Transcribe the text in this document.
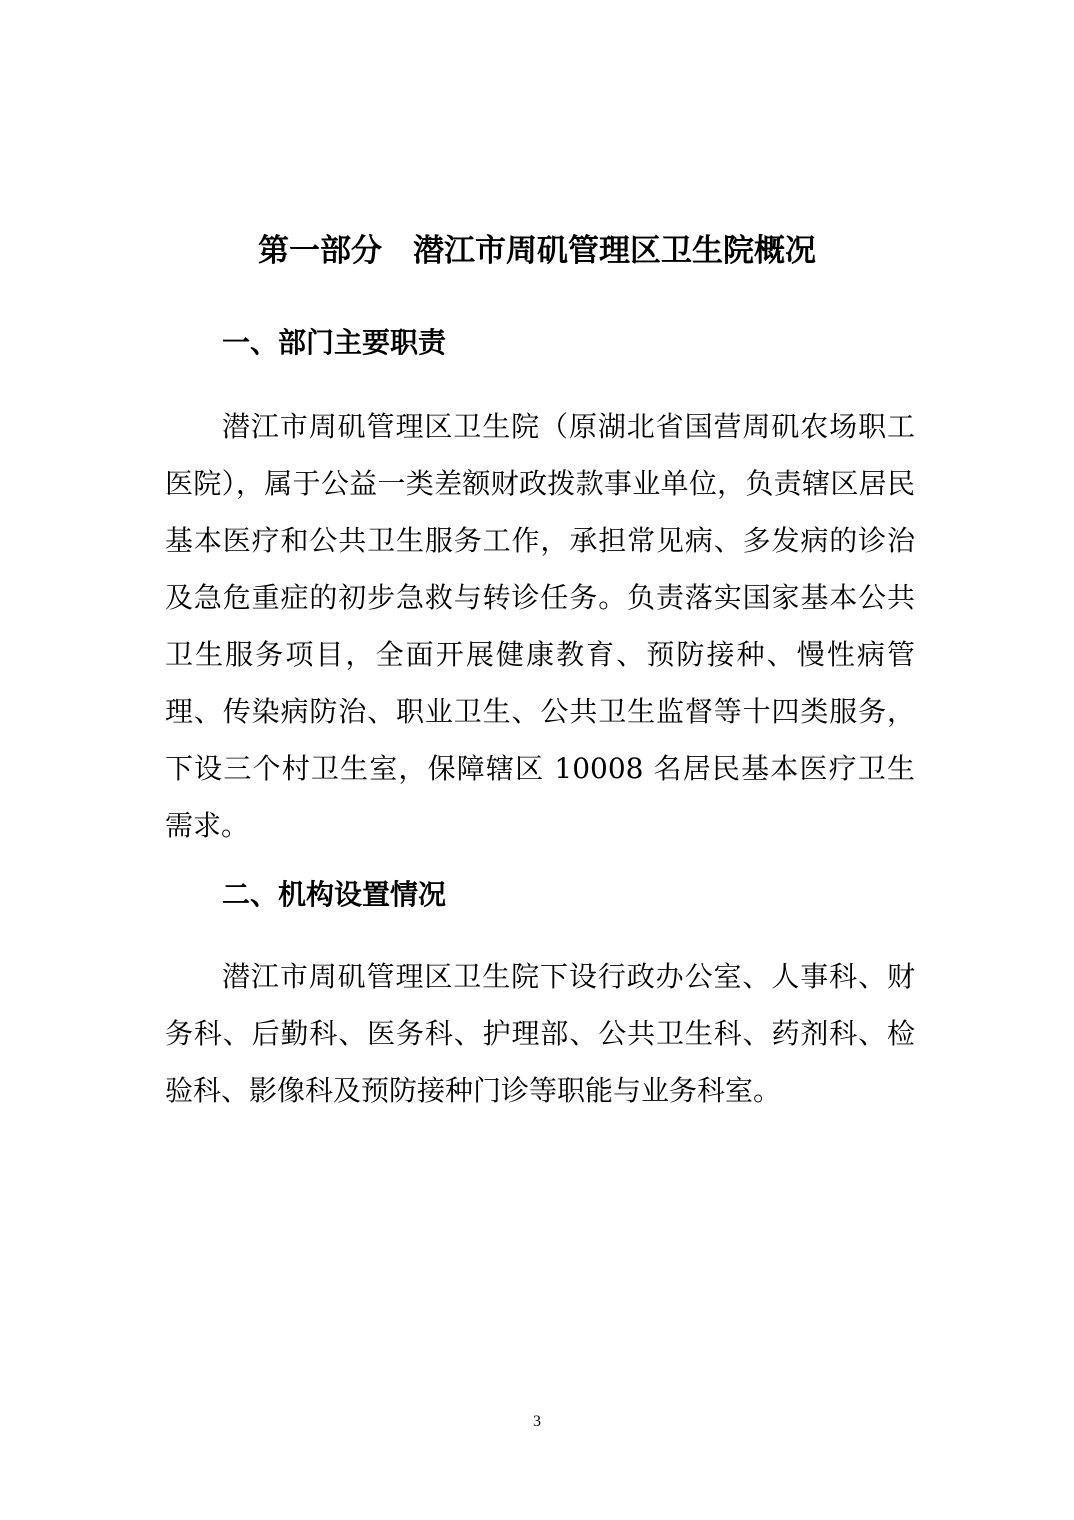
第一部分　潜江市周矶管理区卫生院概况
一、部门主要职责

潜江市周矶管理区卫生院（原湖北省国营周矶农场职工医院），属于公益一类差额财政拨款事业单位，负责辖区居民基本医疗和公共卫生服务工作，承担常见病、多发病的诊治及急危重症的初步急救与转诊任务。负责落实国家基本公共卫生服务项目，全面开展健康教育、预防接种、慢性病管理、传染病防治、职业卫生、公共卫生监督等十四类服务，下设三个村卫生室，保障辖区 10008 名居民基本医疗卫生需求。

二、机构设置情况

潜江市周矶管理区卫生院下设行政办公室、人事科、财务科、后勤科、医务科、护理部、公共卫生科、药剂科、检验科、影像科及预防接种门诊等职能与业务科室。

3
